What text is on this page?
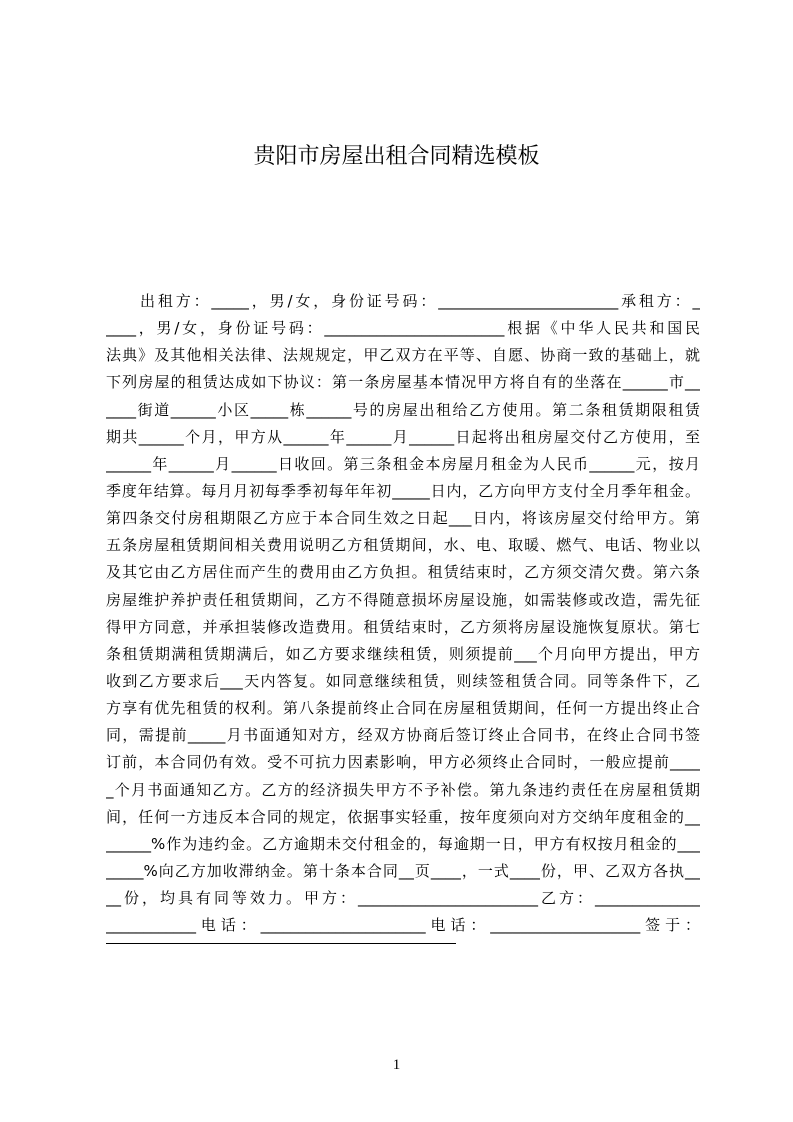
贵阳市房屋出租合同精选模板
出租方：_____，男/女，身份证号码：________________________承租方：_
____，男/女，身份证号码：________________________根据《中华人民共和国民
法典》及其他相关法律、法规规定，甲乙双方在平等、自愿、协商一致的基础上，就
下列房屋的租赁达成如下协议：第一条房屋基本情况甲方将自有的坐落在______市__
____街道______小区_____栋______号的房屋出租给乙方使用。第二条租赁期限租赁
期共______个月，甲方从______年______月______日起将出租房屋交付乙方使用，至
______年______月______日收回。第三条租金本房屋月租金为人民币______元，按月
季度年结算。每月月初每季季初每年年初_____日内，乙方向甲方支付全月季年租金。
第四条交付房租期限乙方应于本合同生效之日起___日内，将该房屋交付给甲方。第
五条房屋租赁期间相关费用说明乙方租赁期间，水、电、取暖、燃气、电话、物业以
及其它由乙方居住而产生的费用由乙方负担。租赁结束时，乙方须交清欠费。第六条
房屋维护养护责任租赁期间，乙方不得随意损坏房屋设施，如需装修或改造，需先征
得甲方同意，并承担装修改造费用。租赁结束时，乙方须将房屋设施恢复原状。第七
条租赁期满租赁期满后，如乙方要求继续租赁，则须提前___个月向甲方提出，甲方
收到乙方要求后___天内答复。如同意继续租赁，则续签租赁合同。同等条件下，乙
方享有优先租赁的权利。第八条提前终止合同在房屋租赁期间，任何一方提出终止合
同，需提前_____月书面通知对方，经双方协商后签订终止合同书，在终止合同书签
订前，本合同仍有效。受不可抗力因素影响，甲方必须终止合同时，一般应提前____
_个月书面通知乙方。乙方的经济损失甲方不予补偿。第九条违约责任在房屋租赁期
间，任何一方违反本合同的规定，依据事实轻重，按年度须向对方交纳年度租金的__
______%作为违约金。乙方逾期未交付租金的，每逾期一日，甲方有权按月租金的___
_____%向乙方加收滞纳金。第十条本合同__页____，一式____份，甲、乙双方各执__
__份，均具有同等效力。甲方：________________________乙方：______________
____________电话：______________________电话：____________________签于：
1
